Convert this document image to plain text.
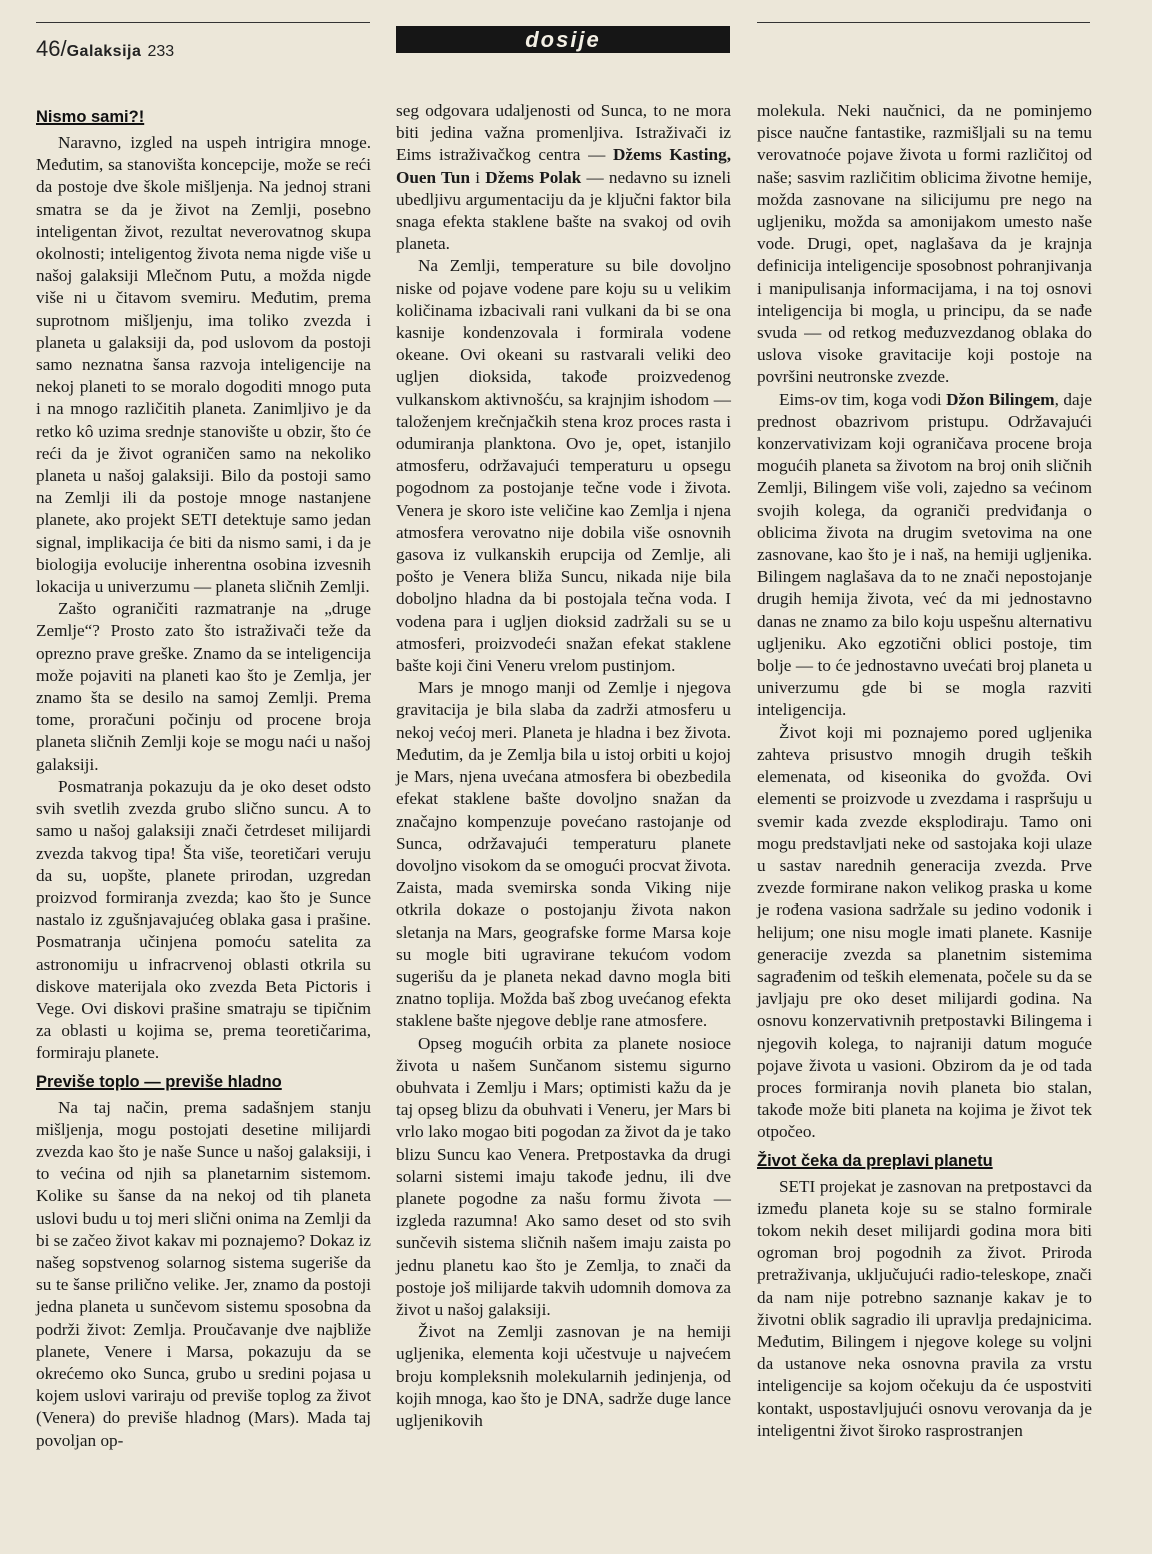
46/Galaksija 233	dosije
Nismo sami?!

Naravno, izgled na uspeh intrigira mnoge. Međutim, sa stanovišta koncepcije, može se reći da postoje dve škole mišljenja. Na jednoj strani smatra se da je život na Zemlji, posebno inteligentan život, rezultat neverovatnog skupa okolnosti; inteligentog života nema nigde više u našoj galaksiji Mlečnom Putu, a možda nigde više ni u čitavom svemiru. Međutim, prema suprotnom mišljenju, ima toliko zvezda i planeta u galaksiji da, pod uslovom da postoji samo neznatna šansa razvoja inteligencije na nekoj planeti to se moralo dogoditi mnogo puta i na mnogo različitih planeta. Zanimljivo je da retko kô uzima srednje stanovište u obzir, što će reći da je život ograničen samo na nekoliko planeta u našoj galaksiji. Bilo da postoji samo na Zemlji ili da postoje mnoge nastanjene planete, ako projekt SETI detektuje samo jedan signal, implikacija će biti da nismo sami, i da je biologija evolucije inherentna osobina izvesnih lokacija u univerzumu — planeta sličnih Zemlji.

Zašto ograničiti razmatranje na „druge Zemlje“? Prosto zato što istraživači teže da oprezno prave greške. Znamo da se inteligencija može pojaviti na planeti kao što je Zemlja, jer znamo šta se desilo na samoj Zemlji. Prema tome, proračuni počinju od procene broja planeta sličnih Zemlji koje se mogu naći u našoj galaksiji.

Posmatranja pokazuju da je oko deset odsto svih svetlih zvezda grubo slično suncu. A to samo u našoj galaksiji znači četrdeset milijardi zvezda takvog tipa! Šta više, teoretičari veruju da su, uopšte, planete prirodan, uzgredan proizvod formiranja zvezda; kao što je Sunce nastalo iz zgušnjavajućeg oblaka gasa i prašine. Posmatranja učinjena pomoću satelita za astronomiju u infracrvenoj oblasti otkrila su diskove materijala oko zvezda Beta Pictoris i Vege. Ovi diskovi prašine smatraju se tipičnim za oblasti u kojima se, prema teoretičarima, formiraju planete.

Previše toplo — previše hladno

Na taj način, prema sadašnjem stanju mišljenja, mogu postojati desetine milijardi zvezda kao što je naše Sunce u našoj galaksiji, i to većina od njih sa planetarnim sistemom. Kolike su šanse da na nekoj od tih planeta uslovi budu u toj meri slični onima na Zemlji da bi se začeo život kakav mi poznajemo? Dokaz iz našeg sopstvenog solarnog sistema sugeriše da su te šanse prilično velike. Jer, znamo da postoji jedna planeta u sunčevom sistemu sposobna da podrži život: Zemlja. Proučavanje dve najbliže planete, Venere i Marsa, pokazuju da se okrećemo oko Sunca, grubo u sredini pojasa u kojem uslovi variraju od previše toplog za život (Venera) do previše hladnog (Mars). Mada taj povoljan op-

seg odgovara udaljenosti od Sunca, to ne mora biti jedina važna promenljiva. Istraživači iz Eims istraživačkog centra — Džems Kasting, Ouen Tun i Džems Polak — nedavno su izneli ubedljivu argumentaciju da je ključni faktor bila snaga efekta staklene bašte na svakoj od ovih planeta.

Na Zemlji, temperature su bile dovoljno niske od pojave vodene pare koju su u velikim količinama izbacivali rani vulkani da bi se ona kasnije kondenzovala i formirala vodene okeane. Ovi okeani su rastvarali veliki deo ugljen dioksida, takođe proizvedenog vulkanskom aktivnošću, sa krajnjim ishodom — taloženjem krečnjačkih stena kroz proces rasta i odumiranja planktona. Ovo je, opet, istanjilo atmosferu, održavajući temperaturu u opsegu pogodnom za postojanje tečne vode i života. Venera je skoro iste veličine kao Zemlja i njena atmosfera verovatno nije dobila više osnovnih gasova iz vulkanskih erupcija od Zemlje, ali pošto je Venera bliža Suncu, nikada nije bila doboljno hladna da bi postojala tečna voda. I vodena para i ugljen dioksid zadržali su se u atmosferi, proizvodeći snažan efekat staklene bašte koji čini Veneru vrelom pustinjom.

Mars je mnogo manji od Zemlje i njegova gravitacija je bila slaba da zadrži atmosferu u nekoj većoj meri. Planeta je hladna i bez života. Međutim, da je Zemlja bila u istoj orbiti u kojoj je Mars, njena uvećana atmosfera bi obezbedila efekat staklene bašte dovoljno snažan da značajno kompenzuje povećano rastojanje od Sunca, održavajući temperaturu planete dovoljno visokom da se omogući procvat života. Zaista, mada svemirska sonda Viking nije otkrila dokaze o postojanju života nakon sletanja na Mars, geografske forme Marsa koje su mogle biti ugravirane tekućom vodom sugerišu da je planeta nekad davno mogla biti znatno toplija. Možda baš zbog uvećanog efekta staklene bašte njegove deblje rane atmosfere.

Opseg mogućih orbita za planete nosioce života u našem Sunčanom sistemu sigurno obuhvata i Zemlju i Mars; optimisti kažu da je taj opseg blizu da obuhvati i Veneru, jer Mars bi vrlo lako mogao biti pogodan za život da je tako blizu Suncu kao Venera. Pretpostavka da drugi solarni sistemi imaju takođe jednu, ili dve planete pogodne za našu formu života — izgleda razumna! Ako samo deset od sto svih sunčevih sistema sličnih našem imaju zaista po jednu planetu kao što je Zemlja, to znači da postoje još milijarde takvih udomnih domova za život u našoj galaksiji.

Život na Zemlji zasnovan je na hemiji ugljenika, elementa koji učestvuje u najvećem broju kompleksnih molekularnih jedinjenja, od kojih mnoga, kao što je DNA, sadrže duge lance ugljenikovih

molekula. Neki naučnici, da ne pominjemo pisce naučne fantastike, razmišljali su na temu verovatnoće pojave života u formi različitoj od naše; sasvim različitim oblicima životne hemije, možda zasnovane na silicijumu pre nego na ugljeniku, možda sa amonijakom umesto naše vode. Drugi, opet, naglašava da je krajnja definicija inteligencije sposobnost pohranjivanja i manipulisanja informacijama, i na toj osnovi inteligencija bi mogla, u principu, da se nađe svuda — od retkog međuzvezdanog oblaka do uslova visoke gravitacije koji postoje na površini neutronske zvezde.

Eims-ov tim, koga vodi Džon Bilingem, daje prednost obazrivom pristupu. Održavajući konzervativizam koji ograničava procene broja mogućih planeta sa životom na broj onih sličnih Zemlji, Bilingem više voli, zajedno sa većinom svojih kolega, da ograniči predviđanja o oblicima života na drugim svetovima na one zasnovane, kao što je i naš, na hemiji ugljenika. Bilingem naglašava da to ne znači nepostojanje drugih hemija života, već da mi jednostavno danas ne znamo za bilo koju uspešnu alternativu ugljeniku. Ako egzotični oblici postoje, tim bolje — to će jednostavno uvećati broj planeta u univerzumu gde bi se mogla razviti inteligencija.

Život koji mi poznajemo pored ugljenika zahteva prisustvo mnogih drugih teških elemenata, od kiseonika do gvožđa. Ovi elementi se proizvode u zvezdama i raspršuju u svemir kada zvezde eksplodiraju. Tamo oni mogu predstavljati neke od sastojaka koji ulaze u sastav narednih generacija zvezda. Prve zvezde formirane nakon velikog praska u kome je rođena vasiona sadržale su jedino vodonik i helijum; one nisu mogle imati planete. Kasnije generacije zvezda sa planetnim sistemima sagrađenim od teških elemenata, počele su da se javljaju pre oko deset milijardi godina. Na osnovu konzervativnih pretpostavki Bilingema i njegovih kolega, to najraniji datum moguće pojave života u vasioni. Obzirom da je od tada proces formiranja novih planeta bio stalan, takođe može biti planeta na kojima je život tek otpočeo.

Život čeka da preplavi planetu

SETI projekat je zasnovan na pretpostavci da između planeta koje su se stalno formirale tokom nekih deset milijardi godina mora biti ogroman broj pogodnih za život. Priroda pretraživanja, uključujući radio-teleskope, znači da nam nije potrebno saznanje kakav je to životni oblik sagradio ili upravlja predajnicima. Međutim, Bilingem i njegove kolege su voljni da ustanove neka osnovna pravila za vrstu inteligencije sa kojom očekuju da će uspostviti kontakt, uspostavljujući osnovu verovanja da je inteligentni život široko rasprostranjen
